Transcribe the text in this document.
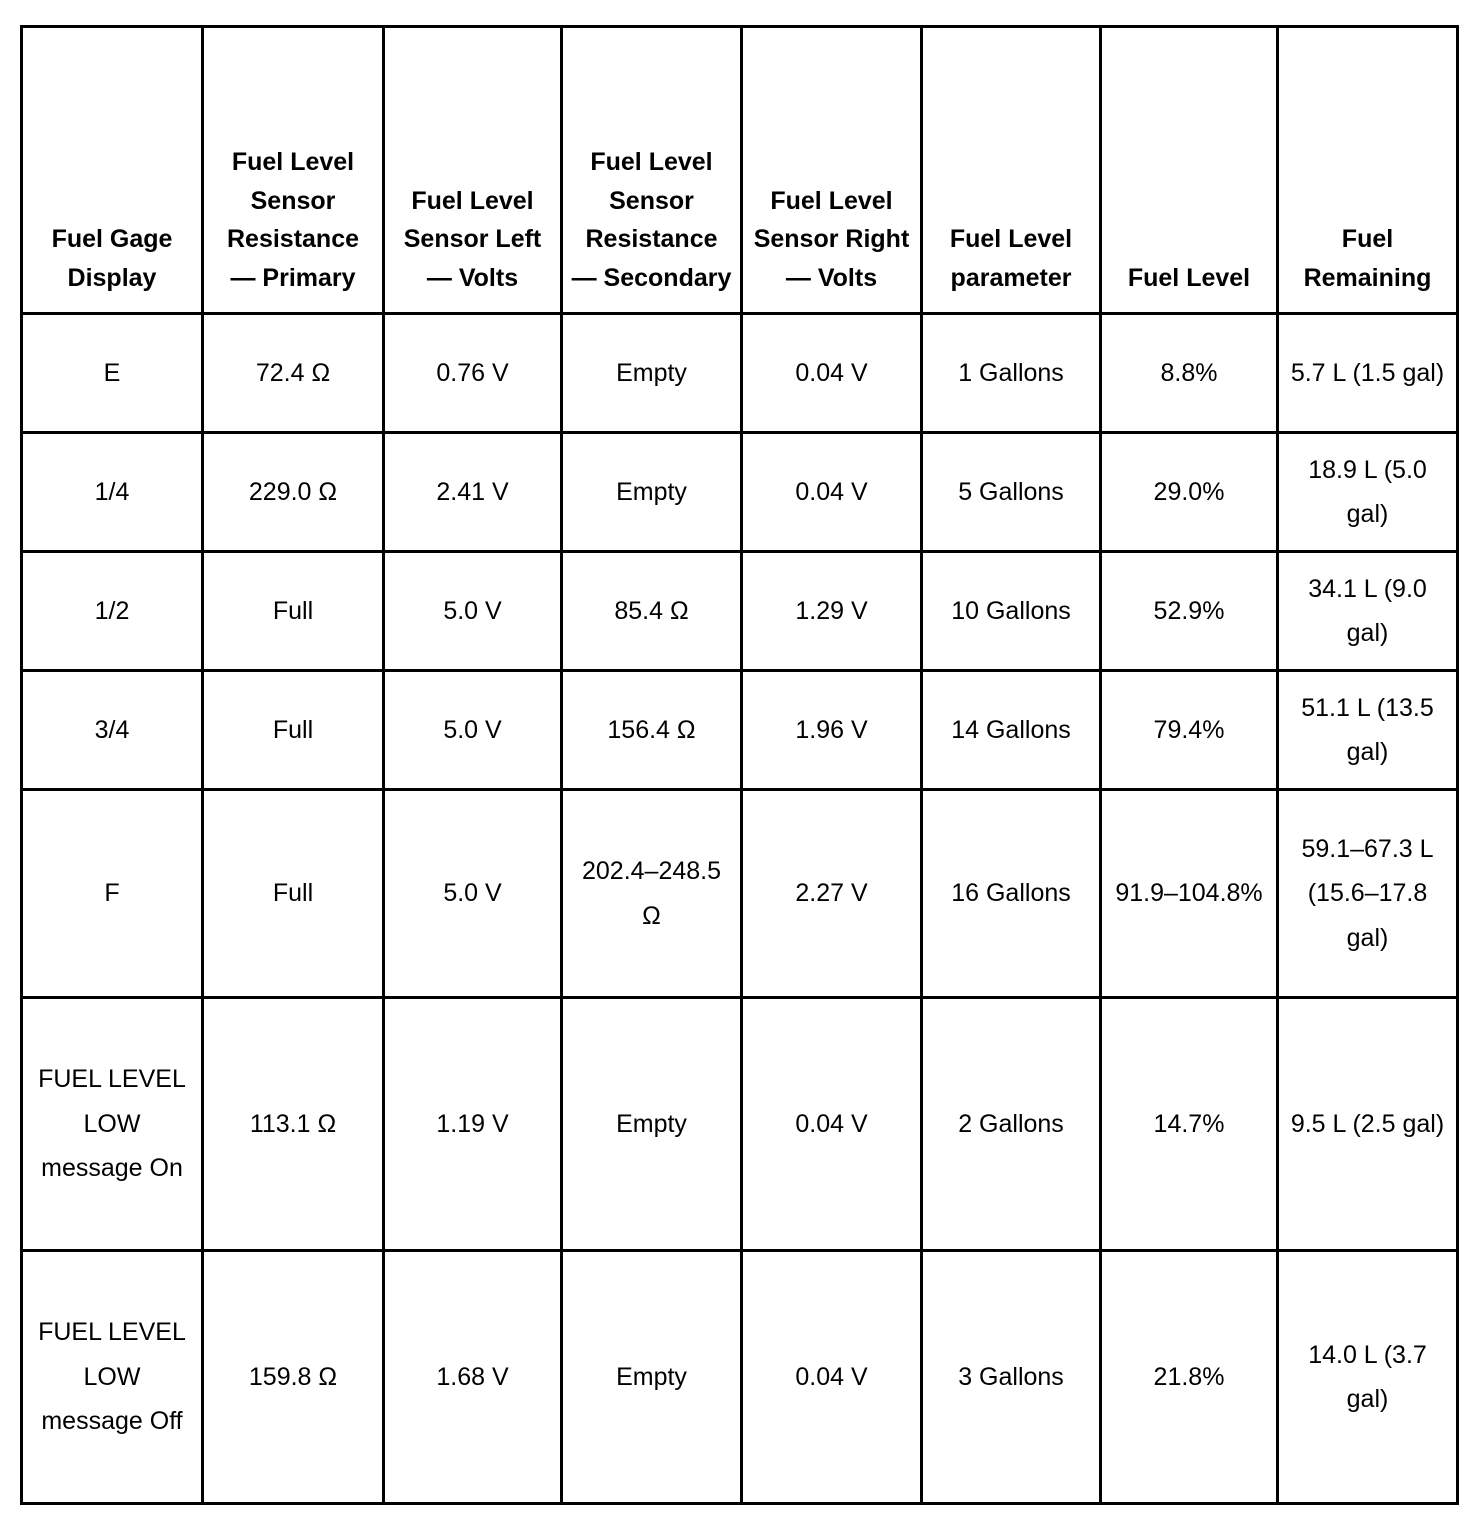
Fuel Gage Display	Fuel Level Sensor Resistance — Primary	Fuel Level Sensor Left — Volts	Fuel Level Sensor Resistance — Secondary	Fuel Level Sensor Right — Volts	Fuel Level parameter	Fuel Level	Fuel Remaining
E	72.4 Ω	0.76 V	Empty	0.04 V	1 Gallons	8.8%	5.7 L (1.5 gal)
1/4	229.0 Ω	2.41 V	Empty	0.04 V	5 Gallons	29.0%	18.9 L (5.0 gal)
1/2	Full	5.0 V	85.4 Ω	1.29 V	10 Gallons	52.9%	34.1 L (9.0 gal)
3/4	Full	5.0 V	156.4 Ω	1.96 V	14 Gallons	79.4%	51.1 L (13.5 gal)
F	Full	5.0 V	202.4–248.5 Ω	2.27 V	16 Gallons	91.9–104.8%	59.1–67.3 L (15.6–17.8 gal)
FUEL LEVEL LOW message On	113.1 Ω	1.19 V	Empty	0.04 V	2 Gallons	14.7%	9.5 L (2.5 gal)
FUEL LEVEL LOW message Off	159.8 Ω	1.68 V	Empty	0.04 V	3 Gallons	21.8%	14.0 L (3.7 gal)
